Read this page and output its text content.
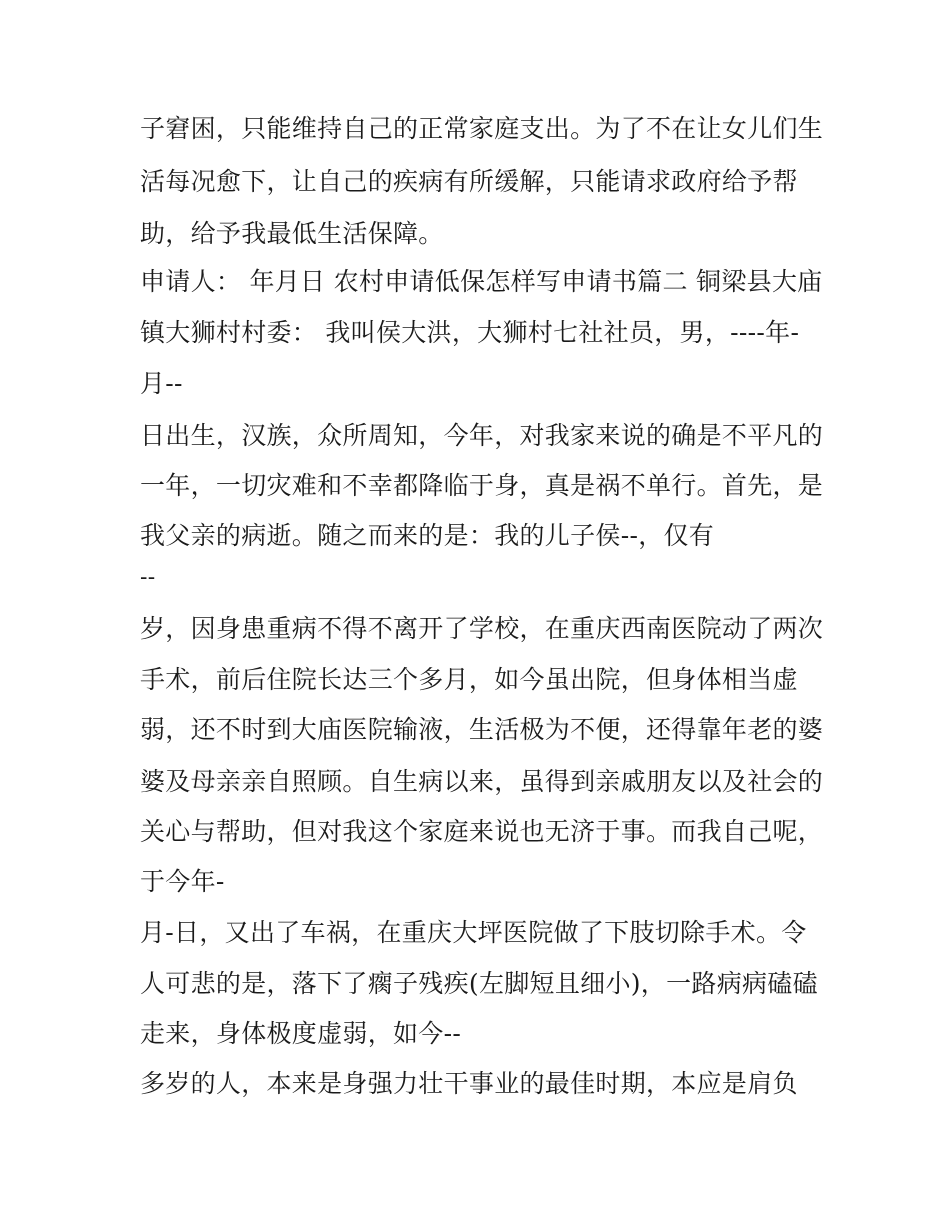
子窘困，只能维持自己的正常家庭支出。为了不在让女儿们生
活每况愈下，让自己的疾病有所缓解，只能请求政府给予帮
助，给予我最低生活保障。
申请人： 年月日 农村申请低保怎样写申请书篇二 铜梁县大庙
镇大狮村村委： 我叫侯大洪，大狮村七社社员，男，----年-
月--
日出生，汉族，众所周知，今年，对我家来说的确是不平凡的
一年，一切灾难和不幸都降临于身，真是祸不单行。首先，是
我父亲的病逝。随之而来的是：我的儿子侯--，仅有
--
岁，因身患重病不得不离开了学校，在重庆西南医院动了两次
手术，前后住院长达三个多月，如今虽出院，但身体相当虚
弱，还不时到大庙医院输液，生活极为不便，还得靠年老的婆
婆及母亲亲自照顾。自生病以来，虽得到亲戚朋友以及社会的
关心与帮助，但对我这个家庭来说也无济于事。而我自己呢，
于今年-
月-日，又出了车祸，在重庆大坪医院做了下肢切除手术。令
人可悲的是，落下了瘸子残疾(左脚短且细小)，一路病病磕磕
走来，身体极度虚弱，如今--
多岁的人，本来是身强力壮干事业的最佳时期，本应是肩负
